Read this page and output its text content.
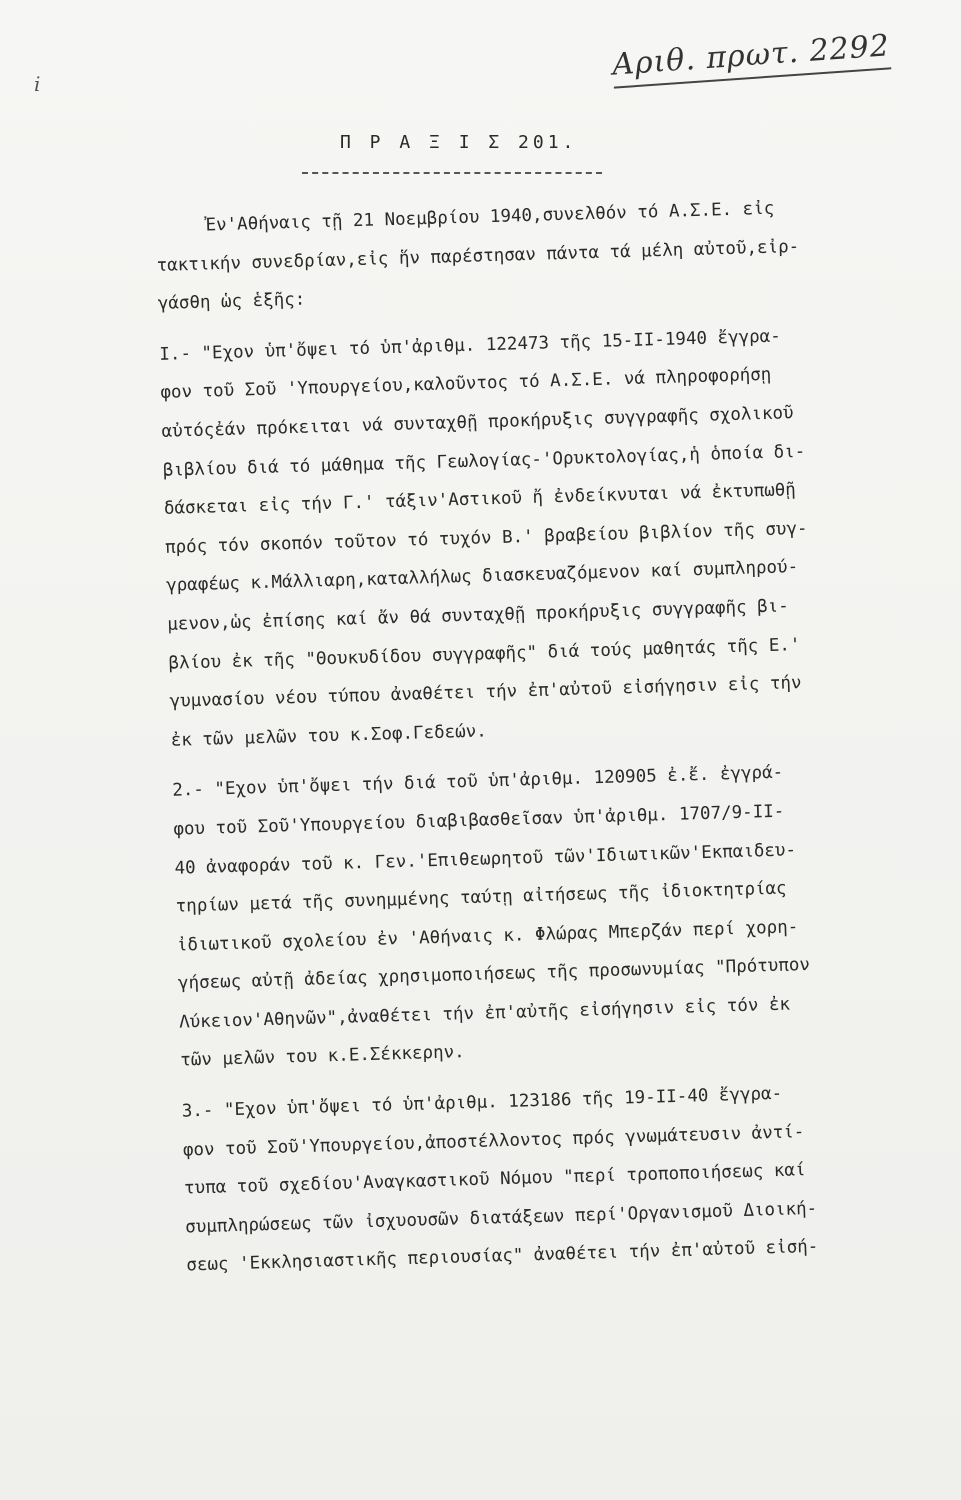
i
Αριθ. πρωτ. 2292
Π Ρ Α Ξ Ι Σ 201.
Ἐν'Αθήναις τῇ 21 Νοεμβρίου 1940,συνελθόν τό Α.Σ.Ε. εἰς
τακτικήν συνεδρίαν,εἰς ἥν παρέστησαν πάντα τά μέλη αὐτοῦ,εἰρ-
γάσθη ὡς ἑξῆς:
Ι.- "Εχον ὑπ'ὄψει τό ὑπ'ἀριθμ. 122473 τῆς 15-ΙΙ-1940 ἔγγρα-
φον τοῦ Σοῦ 'Υπουργείου,καλοῦντος τό Α.Σ.Ε. νά πληροφορήσῃ
αὐτόςἐάν πρόκειται νά συνταχθῇ προκήρυξις συγγραφῆς σχολικοῦ
βιβλίου διά τό μάθημα τῆς Γεωλογίας-'Ορυκτολογίας,ἡ ὁποία δι-
δάσκεται εἰς τήν Γ.' τάξιν'Αστικοῦ ἤ ἐνδείκνυται νά ἐκτυπωθῇ
πρός τόν σκοπόν τοῦτον τό τυχόν Β.' βραβείου βιβλίον τῆς συγ-
γραφέως κ.Μάλλιαρη,καταλλήλως διασκευαζόμενον καί συμπληρού-
μενον,ὡς ἐπίσης καί ἄν θά συνταχθῇ προκήρυξις συγγραφῆς βι-
βλίου ἐκ τῆς "Θουκυδίδου συγγραφῆς" διά τούς μαθητάς τῆς Ε.'
γυμνασίου νέου τύπου ἀναθέτει τήν ἐπ'αὐτοῦ εἰσήγησιν εἰς τήν
ἐκ τῶν μελῶν του κ.Σοφ.Γεδεών.
2.- "Εχον ὑπ'ὄψει τήν διά τοῦ ὑπ'ἀριθμ. 120905 ἐ.ἔ. ἐγγρά-
φου τοῦ Σοῦ'Υπουργείου διαβιβασθεῖσαν ὑπ'ἀριθμ. 1707/9-ΙΙ-
40 ἀναφοράν τοῦ κ. Γεν.'Επιθεωρητοῦ τῶν'Ιδιωτικῶν'Εκπαιδευ-
τηρίων μετά τῆς συνημμένης ταύτῃ αἰτήσεως τῆς ἰδιοκτητρίας
ἰδιωτικοῦ σχολείου ἐν 'Αθήναις κ. Φλώρας Μπερζάν περί χορη-
γήσεως αὐτῇ ἀδείας χρησιμοποιήσεως τῆς προσωνυμίας "Πρότυπον
Λύκειον'Αθηνῶν",ἀναθέτει τήν ἐπ'αὐτῆς εἰσήγησιν εἰς τόν ἐκ
τῶν μελῶν του κ.Ε.Σέκκερην.
3.- "Εχον ὑπ'ὄψει τό ὑπ'ἀριθμ. 123186 τῆς 19-ΙΙ-40 ἔγγρα-
φον τοῦ Σοῦ'Υπουργείου,ἀποστέλλοντος πρός γνωμάτευσιν ἀντί-
τυπα τοῦ σχεδίου'Αναγκαστικοῦ Νόμου "περί τροποποιήσεως καί
συμπληρώσεως τῶν ἰσχυουσῶν διατάξεων περί'Οργανισμοῦ Διοική-
σεως 'Εκκλησιαστικῆς περιουσίας" ἀναθέτει τήν ἐπ'αὐτοῦ εἰσή-
